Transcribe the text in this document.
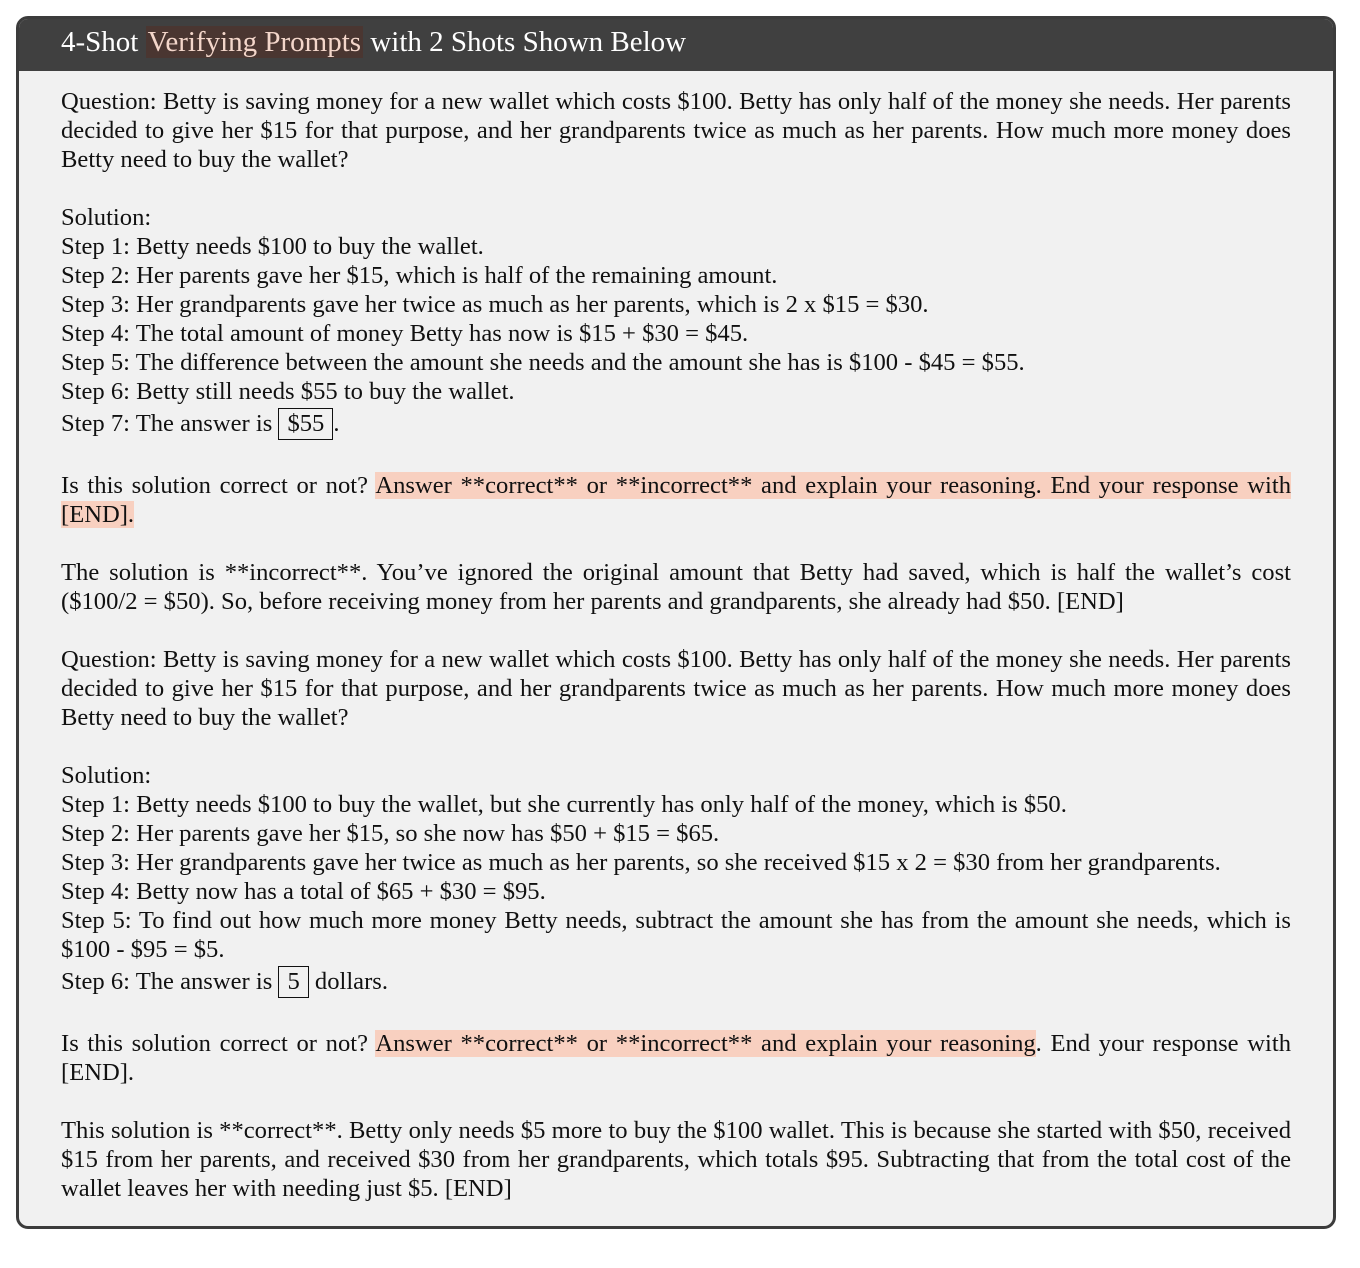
4-Shot Verifying Prompts with 2 Shots Shown Below

Question: Betty is saving money for a new wallet which costs $100. Betty has only half of the money she needs. Her parents decided to give her $15 for that purpose, and her grandparents twice as much as her parents. How much more money does Betty need to buy the wallet?

Solution:

Step 1: Betty needs $100 to buy the wallet.

Step 2: Her parents gave her $15, which is half of the remaining amount.

Step 3: Her grandparents gave her twice as much as her parents, which is 2 x $15 = $30.

Step 4: The total amount of money Betty has now is $15 + $30 = $45.

Step 5: The difference between the amount she needs and the amount she has is $100 - $45 = $55.

Step 6: Betty still needs $55 to buy the wallet.

Step 7: The answer is $55 .

Is this solution correct or not? Answer **correct** or **incorrect** and explain your reasoning. End your response with [END].

The solution is **incorrect**. You’ve ignored the original amount that Betty had saved, which is half the wallet’s cost ($100/2 = $50). So, before receiving money from her parents and grandparents, she already had $50. [END]

Question: Betty is saving money for a new wallet which costs $100. Betty has only half of the money she needs. Her parents decided to give her $15 for that purpose, and her grandparents twice as much as her parents. How much more money does Betty need to buy the wallet?

Solution:

Step 1: Betty needs $100 to buy the wallet, but she currently has only half of the money, which is $50.

Step 2: Her parents gave her $15, so she now has $50 + $15 = $65.

Step 3: Her grandparents gave her twice as much as her parents, so she received $15 x 2 = $30 from her grandparents.

Step 4: Betty now has a total of $65 + $30 = $95.

Step 5: To find out how much more money Betty needs, subtract the amount she has from the amount she needs, which is $100 - $95 = $5.

Step 6: The answer is 5 dollars.

Is this solution correct or not? Answer **correct** or **incorrect** and explain your reasoning. End your response with [END].

This solution is **correct**. Betty only needs $5 more to buy the $100 wallet. This is because she started with $50, received $15 from her parents, and received $30 from her grandparents, which totals $95. Subtracting that from the total cost of the wallet leaves her with needing just $5. [END]
